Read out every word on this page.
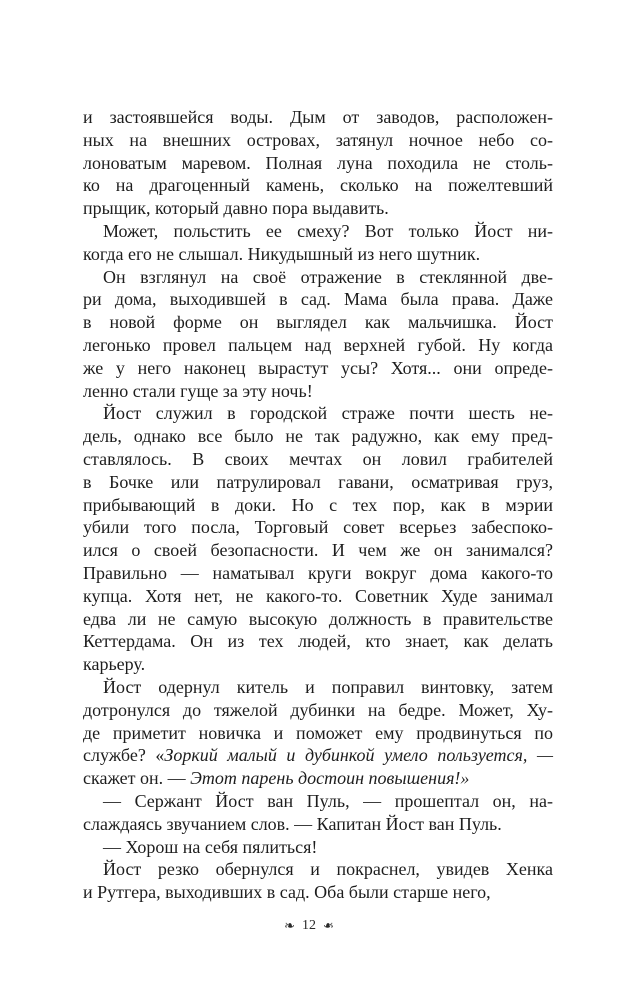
и застоявшейся воды. Дым от заводов, расположен-
ных на внешних островах, затянул ночное небо со-
лоноватым маревом. Полная луна походила не столь-
ко на драгоценный камень, сколько на пожелтевший
прыщик, который давно пора выдавить.
Может, польстить ее смеху? Вот только Йост ни-
когда его не слышал. Никудышный из него шутник.
Он взглянул на своё отражение в стеклянной две-
ри дома, выходившей в сад. Мама была права. Даже
в новой форме он выглядел как мальчишка. Йост
легонько провел пальцем над верхней губой. Ну когда
же у него наконец вырастут усы? Хотя... они опреде-
ленно стали гуще за эту ночь!
Йост служил в городской страже почти шесть не-
дель, однако все было не так радужно, как ему пред-
ставлялось. В своих мечтах он ловил грабителей
в Бочке или патрулировал гавани, осматривая груз,
прибывающий в доки. Но с тех пор, как в мэрии
убили того посла, Торговый совет всерьез забеспоко-
ился о своей безопасности. И чем же он занимался?
Правильно — наматывал круги вокруг дома какого-то
купца. Хотя нет, не какого-то. Советник Худе занимал
едва ли не самую высокую должность в правительстве
Кеттердама. Он из тех людей, кто знает, как делать
карьеру.
Йост одернул китель и поправил винтовку, затем
дотронулся до тяжелой дубинки на бедре. Может, Ху-
де приметит новичка и поможет ему продвинуться по
службе? «Зоркий малый и дубинкой умело пользуется, —
скажет он. — Этот парень достоин повышения!»
— Сержант Йост ван Пуль, — прошептал он, на-
слаждаясь звучанием слов. — Капитан Йост ван Пуль.
— Хорош на себя пялиться!
Йост резко обернулся и покраснел, увидев Хенка
и Рутгера, выходивших в сад. Оба были старше него,
❧ 12 ❧
